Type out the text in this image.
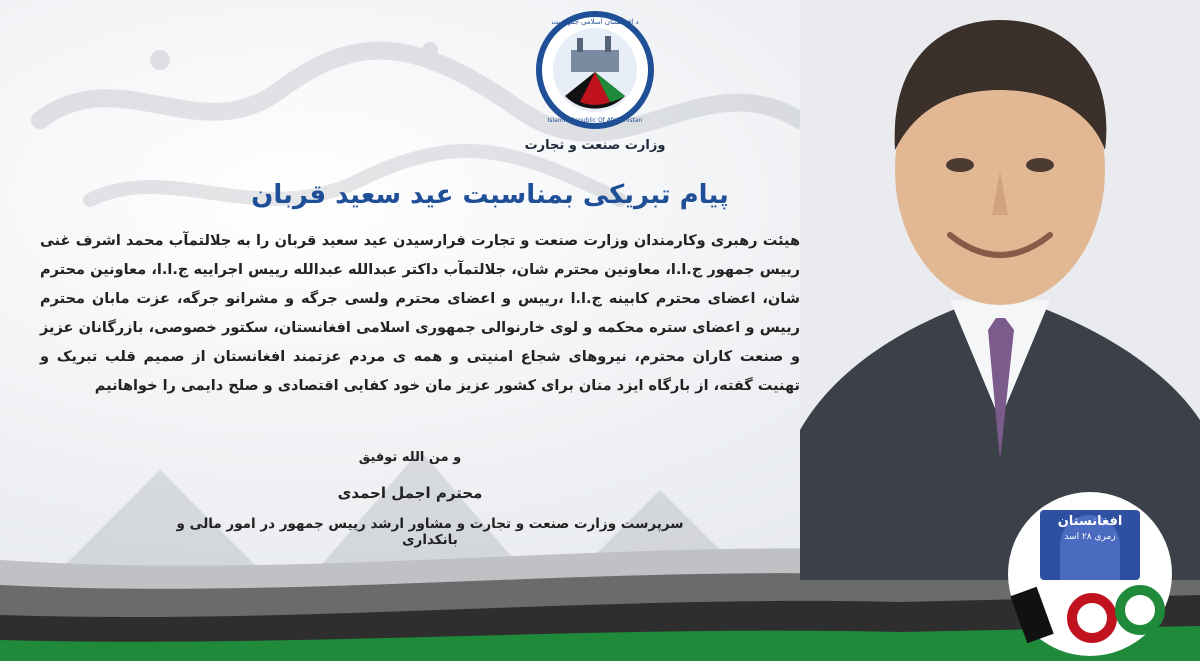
د افغانستان اسلامی جمهوریت
Islamic Republic Of Afghanistan
وزارت صنعت و تجارت
پیام تبریکی بمناسبت عید سعید قربان
هیئت رهبری وکارمندان وزارت صنعت و تجارت فرارسیدن عید سعید قربان را به جلالتمآب محمد اشرف غنی رییس جمهور ج.ا.ا، معاونین محترم شان، جلالتمآب داکتر عبدالله عبدالله رییس اجراییه ج.ا.ا، معاونین محترم شان، اعضای محترم کابینه ج.ا.ا ،رییس و اعضای محترم ولسی جرگه و مشرانو جرگه، عزت مابان محترم رییس و اعضای ستره محکمه و لوی خارنوالی جمهوری اسلامی افغانستان، سکتور خصوصی، بازرگانان عزیز و صنعت کاران محترم، نیروهای شجاع امنیتی و همه ی مردم عزتمند افغانستان از صمیم قلب تبریک و تهنیت گفته، از بارگاه ایزد منان برای کشور عزیز مان خود کفایی اقتصادی و صلح دایمی را خواهانیم
و من الله توفیق
محترم اجمل احمدی
سرپرست وزارت صنعت و تجارت و مشاور ارشد رییس جمهور در امور مالی و بانکداری
افغانستان
زمری ۲۸ اسد
